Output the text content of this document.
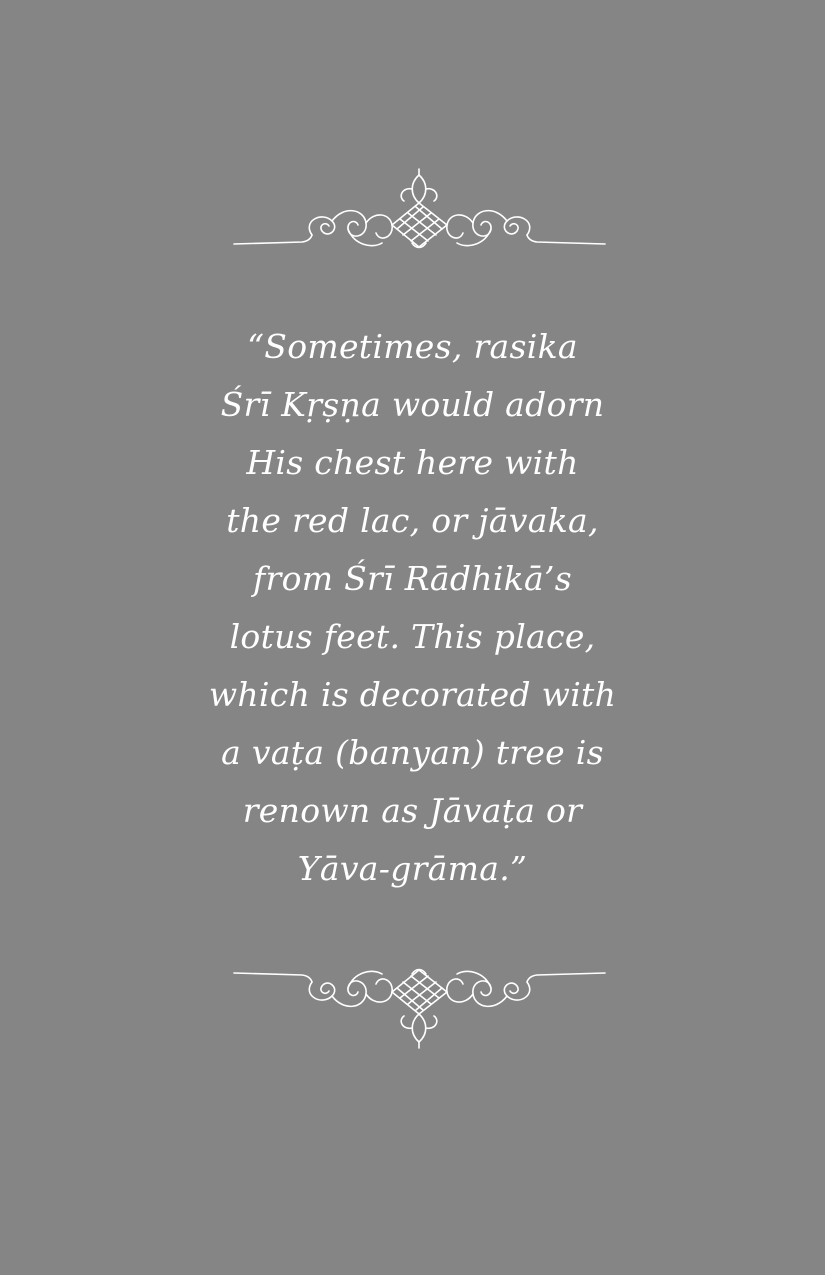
“Sometimes, rasika
Śrī Kṛṣṇa would adorn
His chest here with
the red lac, or jāvaka,
from Śrī Rādhikā’s
lotus feet. This place,
which is decorated with
a vaṭa (banyan) tree is
renown as Jāvaṭa or
Yāva-grāma.”
